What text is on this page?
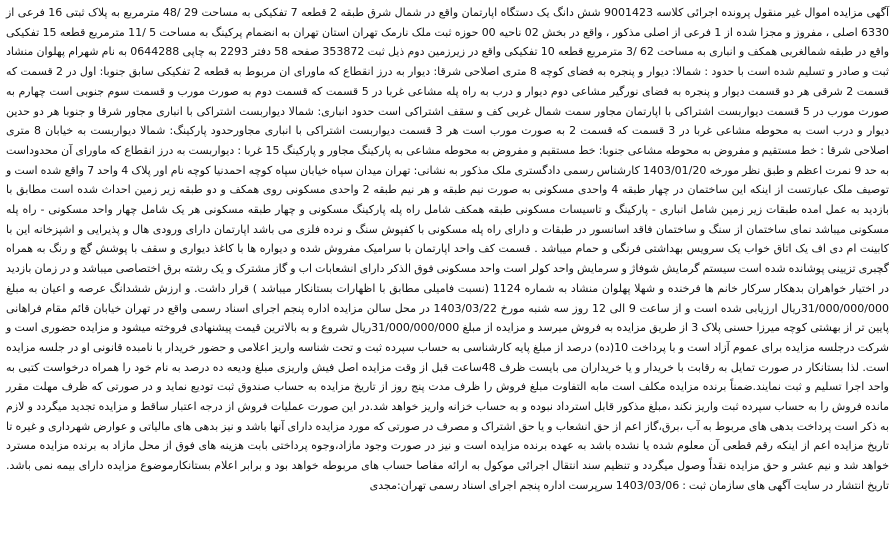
آگهی مزایده اموال غیر منقول پرونده اجرائی کلاسه 9001423 شش دانگ یک دستگاه اپارتمان واقع در شمال شرق طبقه 2 قطعه 7 تفکیکی به مساحت 29 /48 مترمربع به پلاک ثبتی 16 فرعی از 6330 اصلی ، مفروز و مجزا شده از 1 فرعی از اصلی مذکور ، واقع در بخش 02 ناحیه 00 حوزه ثبت ملک نارمک تهران استان تهران به انضمام پرکینگ به مساحت 5 /11 مترمربع قطعه 15 تفکیکی واقع در طبقه شمالغربی همکف و انباری به مساحت 62 /3 مترمربع قطعه 10 تفکیکی واقع در زیرزمین دوم ذیل ثبت 353872 صفحه 58 دفتر 2293 به چاپی 0644288 به نام شهرام پهلوان منشاد ثبت و صادر و تسلیم شده است با حدود : شمالا: دیوار و پنجره به فضای کوچه 8 متری اصلاحی شرقا: دیوار به درز انقطاع که ماورای ان مربوط به قطعه 2 تفکیکی سابق جنوبا: اول در 2 قسمت که قسمت 2 شرقی هر دو قسمت دیوار و پنجره به فضای نورگیر مشاعی دوم دیوار و درب به راه پله مشاعی غربا در 5 قسمت که قسمت دوم به صورت مورب و قسمت سوم جنوبی است چهارم به صورت مورب در 5 قسمت دیواربست اشتراکی با اپارتمان مجاور سمت شمال غربی کف و سقف اشتراکی است حدود انباری: شمالا دیواربست اشتراکی با انباری مجاور شرقا و جنوبا هر دو حدین دیوار و درب است به محوطه مشاعی غربا در 3 قسمت که قسمت 2 به صورت مورب است هر 3 قسمت دیواربست اشتراکی با انباری مجاورحدود پارکینگ: شمالا دیواربست به خیابان 8 متری اصلاحی شرقا : خط مستقیم و مفروض به محوطه مشاعی جنوبا: خط مستقیم و مفروض به محوطه مشاعی به پارکینگ مجاور و پارکینگ 15 غربا : دیواربست به درز انقطاع که ماورای آن محدوداست به حد 9 نمرت اعظم و طبق نظر مورخه 1403/01/20 کارشناس رسمی دادگستری ملک مذکور به نشانی: تهران میدان سپاه خیابان سپاه کوچه احمدنیا کوچه نام اور پلاک 4 واحد 7 واقع شده است و توصیف ملک عبارتست از اینکه این ساختمان در چهار طبقه 4 واحدی مسکونی به صورت نیم طبقه و هر نیم طبقه 2 واحدی مسکونی روی همکف و دو طبقه زیر زمین احداث شده است مطابق با بازدید به عمل امده طبقات زیر زمین شامل انباری - پارکینگ و تاسیسات مسکونی طبقه همکف شامل راه پله پارکینگ مسکونی و چهار طبقه مسکونی هر یک شامل چهار واحد مسکونی - راه پله مسکونی میباشد نمای ساختمان از سنگ و ساختمان فاقد اسانسور در طبقات و دارای راه پله مسکونی با کفپوش سنگ و نرده فلزی می باشد اپارتمان دارای ورودی هال و پذیرایی و اشپزخانه این با کابینت ام دی اف یک اتاق خواب یک سرویس بهداشتی فرنگی و حمام میباشد . قسمت کف واحد اپارتمان با سرامیک مفروش شده و دیواره ها با کاغذ دیواری و سقف با پوشش گچ و رنگ به همراه گچبری تزیینی پوشانده شده است سیستم گرمایش شوفاژ و سرمایش واحد کولر است واحد مسکونی فوق الذکر دارای انشعابات اب و گاز مشترک و یک رشته برق اختصاصی میباشد و در زمان بازدید در اختیار خواهران بدهکار سرکار خانم ها فرخنده و شهلا پهلوان منشاد به شماره 1124 (نسبت فامیلی مطابق با اظهارات بستانکار میباشد ) قرار داشت. و ارزش ششدانگ عرصه و اعیان به مبلغ 31/000/000/000ریال ارزیابی شده است و از ساعت 9 الی 12 روز سه شنبه مورخ 1403/03/22 در محل سالن مزایده اداره پنجم اجرای اسناد رسمی واقع در تهران خیابان قائم مقام فراهانی پایین تر از بهشتی کوچه میرزا حسنی پلاک 3 از طریق مزایده به فروش میرسد و مزایده از مبلغ 31/000/000/000ریال شروع و به بالاترین قیمت پیشنهادی فروخته میشود و مزایده حضوری است و شرکت درجلسه مزایده برای عموم آزاد است و با پرداخت 10(ده) درصد از مبلغ پایه کارشناسی به حساب سپرده ثبت و تحت شناسه واریز اعلامی و حضور خریدار با نامبده قانونی او در جلسه مزایده است. لذا بستانکار در صورت تمایل به رقابت با خریدار و یا خریداران می بایست ظرف 48ساعت قبل از وقت مزایده اصل فیش واریزی مبلغ ودیعه ده درصد به نام خود را همراه درخواست کتبی به واحد اجرا تسلیم و ثبت نمایند.ضمناً برنده مزایده مکلف است مابه التفاوت مبلغ فروش را ظرف مدت پنج روز از تاریخ مزایده به حساب صندوق ثبت تودیع نماید و در صورتی که ظرف مهلت مقرر مانده فروش را به حساب سپرده ثبت واریز نکند ،مبلغ مذکور قابل استرداد نبوده و به حساب خزانه واریز خواهد شد.در این صورت عملیات فروش از درجه اعتبار ساقط و مزایده تجدید میگردد و لازم به ذکر است پرداخت بدهی های مربوط به آب ،برق،گاز اعم از حق انشعاب و یا حق اشتراک و مصرف در صورتی که مورد مزایده دارای آنها باشد و نیز بدهی های مالیاتی و عوارض شهرداری و غیره تا تاریخ مزایده اعم از اینکه رقم قطعی آن معلوم شده یا نشده باشد به عهده برنده مزایده است و نیز در صورت وجود مازاد،وجوه پرداختی بابت هزینه های فوق از محل مازاد به برنده مزایده مسترد خواهد شد و نیم عشر و حق مزایده نقداً وصول میگردد و تنظیم سند انتقال اجرائی موکول به ارائه مفاصا حساب های مربوطه خواهد بود و برابر اعلام بستانکارموضوع مزایده دارای بیمه نمی باشد. تاریخ انتشار در سایت آگهی های سازمان ثبت : 1403/03/06 سرپرست اداره پنجم اجرای اسناد رسمی تهران:مجدی
